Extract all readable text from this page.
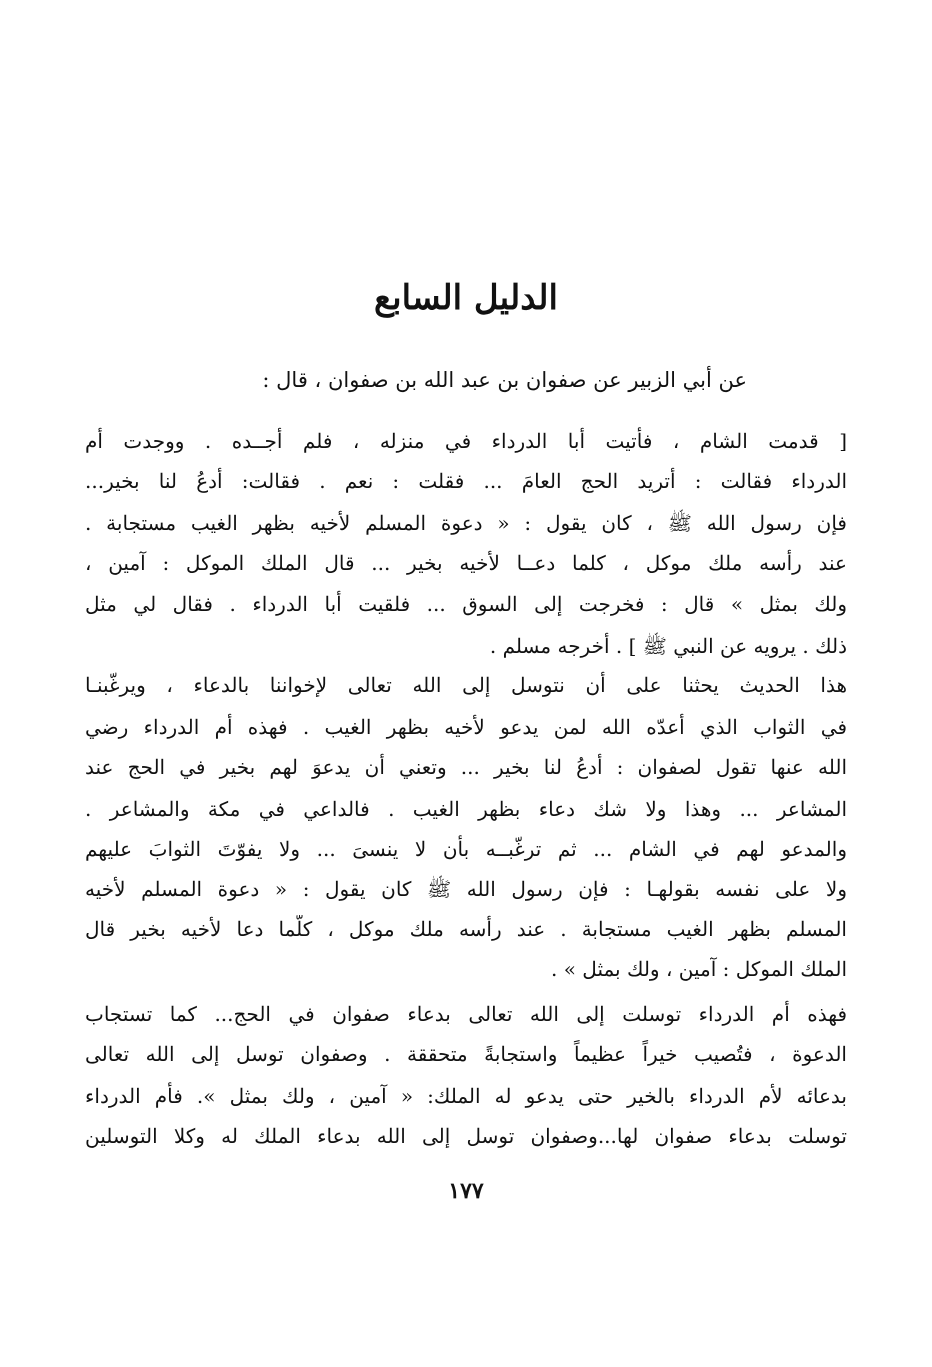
الدليل السابع
عن أبي الزبير عن صفوان بن عبد الله بن صفوان ، قال :
[ قدمت الشام ، فأتيت أبا الدرداء في منزله ، فلم أجــده . ووجدت أم
الدرداء فقالت : أتريد الحج العامَ ... فقلت : نعم . فقالت: أدعُ لنا بخير...
فإن رسول الله ﷺ ، كان يقول : « دعوة المسلم لأخيه بظهر الغيب مستجابة .
عند رأسه ملك موكل ، كلما دعــا لأخيه بخير ... قال الملك الموكل : آمين ،
ولك بمثل » قال : فخرجت إلى السوق ... فلقيت أبا الدرداء . فقال لي مثل
ذلك . يرويه عن النبي ﷺ ] . أخرجه مسلم .
هذا الحديث يحثنا على أن نتوسل إلى الله تعالى لإخواننا بالدعاء ، ويرغّبنـا
في الثواب الذي أعدّه الله لمن يدعو لأخيه بظهر الغيب . فهذه أم الدرداء رضي
الله عنها تقول لصفوان : أدعُ لنا بخير ... وتعني أن يدعوَ لهم بخير في الحج عند
المشاعر ... وهذا ولا شك دعاء بظهر الغيب . فالداعي في مكة والمشاعر .
والمدعو لهم في الشام ... ثم ترغّبــه بأن لا ينسىَ ... ولا يفوّتَ الثوابَ عليهم
ولا على نفسه بقولهـا : فإن رسول الله ﷺ كان يقول : « دعوة المسلم لأخيه
المسلم بظهر الغيب مستجابة . عند رأسه ملك موكل ، كلّما دعا لأخيه بخير قال
الملك الموكل : آمين ، ولك بمثل » .
فهذه أم الدرداء توسلت إلى الله تعالى بدعاء صفوان في الحج... كما تستجاب
الدعوة ، فتُصيب خيراً عظيماً واستجابةً متحققة . وصفوان توسل إلى الله تعالى
بدعائه لأم الدرداء بالخير حتى يدعو له الملك: « آمين ، ولك بمثل ». فأم الدرداء
توسلت بدعاء صفوان لها...وصفوان توسل إلى الله بدعاء الملك له وكلا التوسلين
١٧٧
